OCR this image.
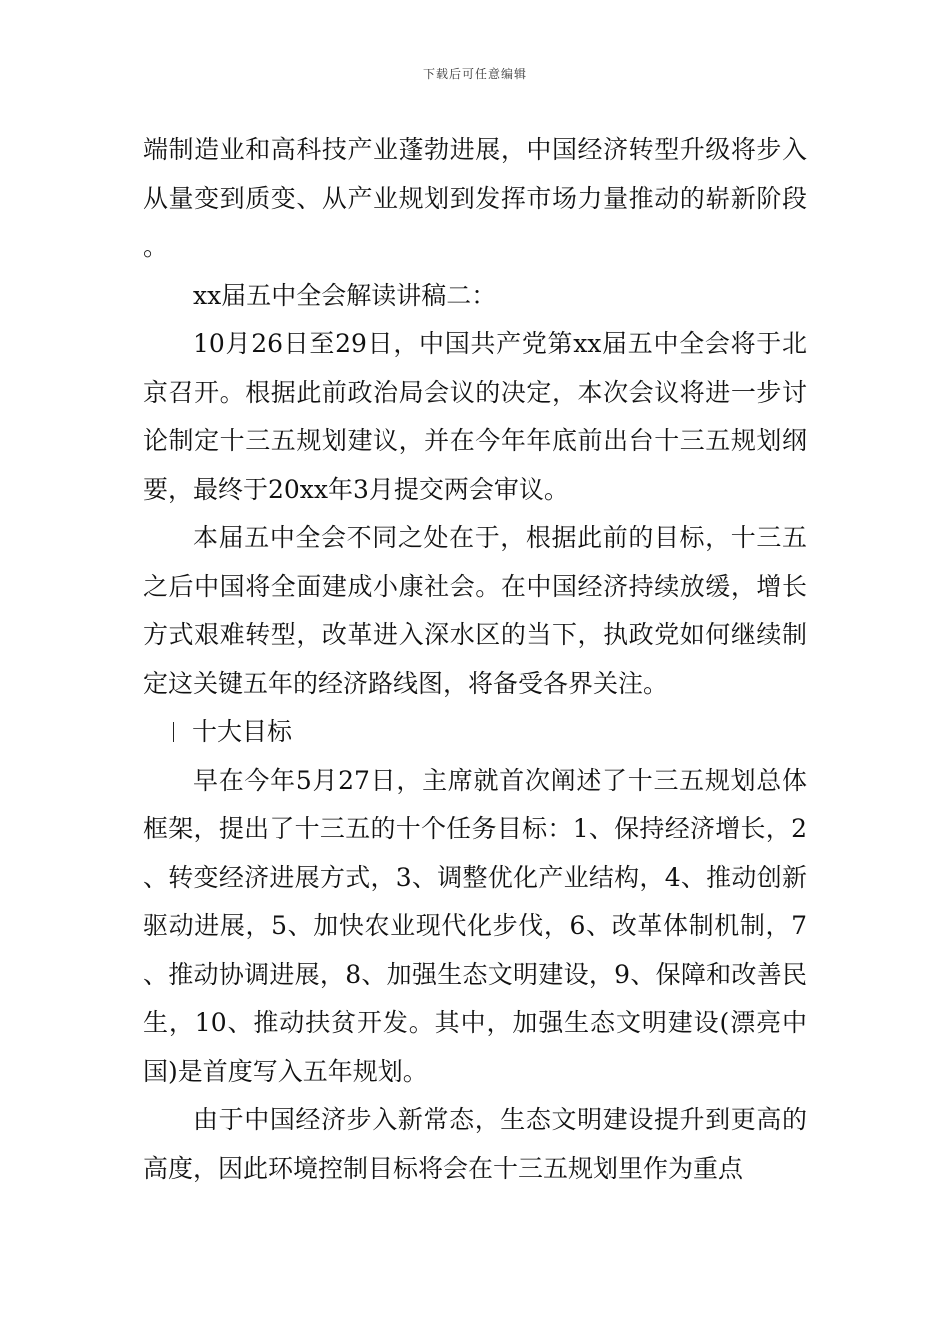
下载后可任意编辑

端制造业和高科技产业蓬勃进展，中国经济转型升级将步入从量变到质变、从产业规划到发挥市场力量推动的崭新阶段。

xx届五中全会解读讲稿二：

10月26日至29日，中国共产党第xx届五中全会将于北京召开。根据此前政治局会议的决定，本次会议将进一步讨论制定十三五规划建议，并在今年年底前出台十三五规划纲要，最终于20xx年3月提交两会审议。

本届五中全会不同之处在于，根据此前的目标，十三五之后中国将全面建成小康社会。在中国经济持续放缓，增长方式艰难转型，改革进入深水区的当下，执政党如何继续制定这关键五年的经济路线图，将备受各界关注。

十大目标

早在今年5月27日，主席就首次阐述了十三五规划总体框架，提出了十三五的十个任务目标：1、保持经济增长，2、转变经济进展方式，3、调整优化产业结构，4、推动创新驱动进展，5、加快农业现代化步伐，6、改革体制机制，7、推动协调进展，8、加强生态文明建设，9、保障和改善民生，10、推动扶贫开发。其中，加强生态文明建设(漂亮中国)是首度写入五年规划。

由于中国经济步入新常态，生态文明建设提升到更高的高度，因此环境控制目标将会在十三五规划里作为重点
